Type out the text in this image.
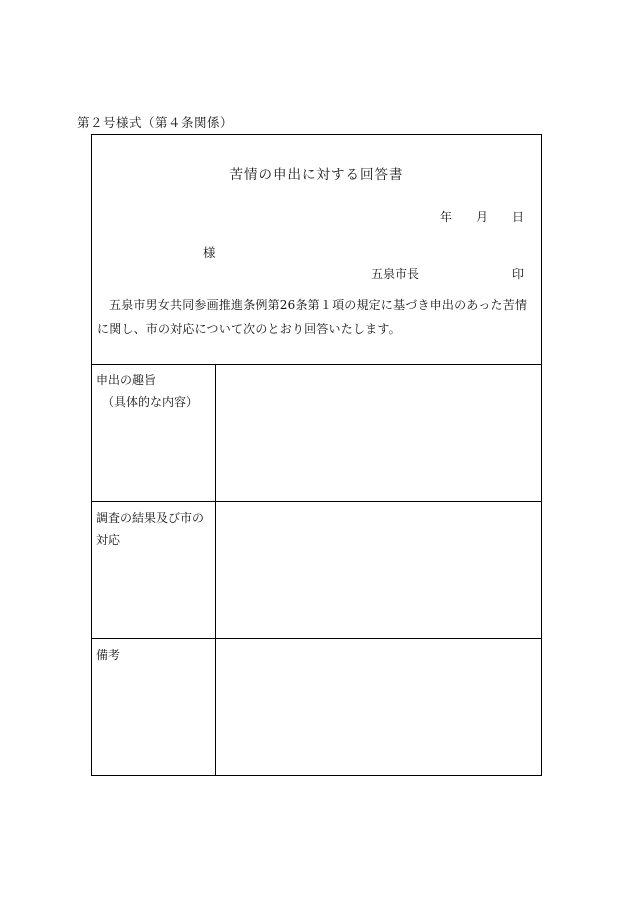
第２号様式（第４条関係）
苦情の申出に対する回答書
年 月 日
様
五泉市長	印
五泉市男女共同参画推進条例第26条第１項の規定に基づき申出のあった苦情に関し、市の対応について次のとおり回答いたします。
申出の趣旨
（具体的な内容）
調査の結果及び市の対応
備考
